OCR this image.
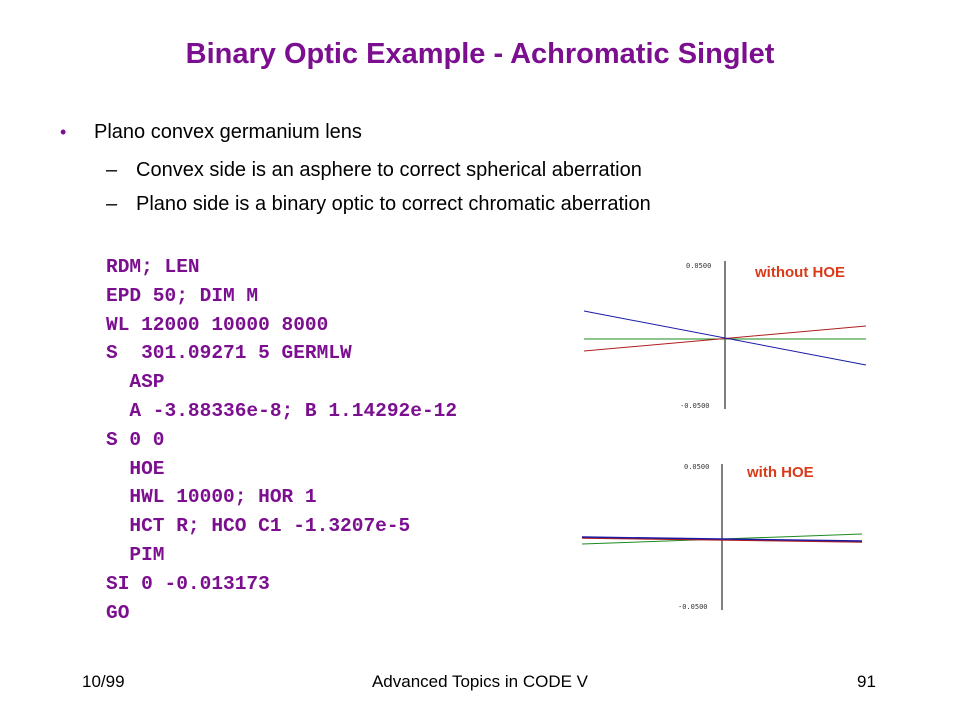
Binary Optic Example - Achromatic Singlet
• Plano convex germanium lens
– Convex side is an asphere to correct spherical aberration
– Plano side is a binary optic to correct chromatic aberration
RDM; LEN
EPD 50; DIM M
WL 12000 10000 8000
S  301.09271 5 GERMLW
ASP
A -3.88336e-8; B 1.14292e-12
S 0 0
HOE
HWL 10000; HOR 1
HCT R; HCO C1 -1.3207e-5
PIM
SI 0 -0.013173
GO
0.0500
-0.0500
without HOE
0.0500
-0.0500
with HOE
10/99	Advanced Topics in CODE V	91
